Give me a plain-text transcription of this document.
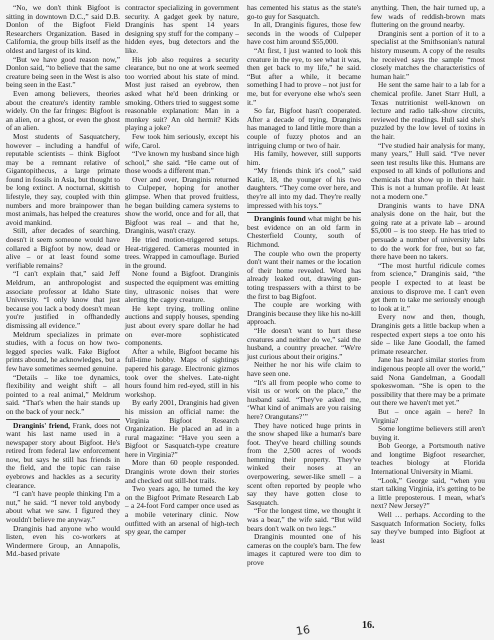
“No, we don't think Bigfoot is sitting in downtown D.C.,” said D.B. Donlon of the Bigfoot Field Researchers Organization. Based in California, the group bills itself as the oldest and largest of its kind.

“But we have good reason now,” Donlon said, “to believe that the same creature being seen in the West is also being seen in the East.”

Even among believers, theories about the creature's identity ramble widely. On the far fringes: Bigfoot is an alien, or a ghost, or even the ghost of an alien.

Most students of Sasquatchery, however – including a handful of reputable scientists – think Bigfoot may be a remnant relative of Gigantopithecus, a large primate found in fossils in Asia, but thought to be long extinct. A nocturnal, skittish lifestyle, they say, coupled with thin numbers and more brainpower than most animals, has helped the creatures avoid mankind.

Still, after decades of searching, doesn't it seem someone would have collared a Bigfoot by now, dead or alive – or at least found some verifiable remains?

“I can't explain that,” said Jeff Meldrum, an anthropologist and associate professor at Idaho State University. “I only know that just because you lack a body doesn't mean you're justified in offhandedly dismissing all evidence.”

Meldrum specializes in primate studies, with a focus on how two-legged species walk. Fake Bigfoot prints abound, he acknowledges, but a few have sometimes seemed genuine.

“Details – like toe dynamics, flexibility and weight shift – all pointed to a real animal,” Meldrum said. “That's when the hair stands up on the back of your neck.”

Dranginis' friend, Frank, does not want his last name used in a newspaper story about Bigfoot. He's retired from federal law enforcement now, but says he still has friends in the field, and the topic can raise eyebrows and hackles as a security clearance.

“I can't have people thinking I'm a nut,” he said. “I never told anybody about what we saw. I figured they wouldn't believe me anyway.”

Dranginis had anyone who would listen, even his co-workers at Windermere Group, an Annapolis, Md.-based private

contractor specializing in government security. A gadget geek by nature, Dranginis has spent 14 years designing spy stuff for the company – hidden eyes, bug detectors and the like.

His job also requires a security clearance, but no one at work seemed too worried about his state of mind. Most just raised an eyebrow, then asked what he'd been drinking or smoking. Others tried to suggest some reasonable explanation: Man in a monkey suit? An old hermit? Kids playing a joke?

Few took him seriously, except his wife, Carol.

“I've known my husband since high school,” she said. “He came out of those woods a different man.”

Over and over, Dranginis returned to Culpeper, hoping for another glimpse. When that proved fruitless, he began building camera systems to show the world, once and for all, that Bigfoot was real – and that he, Dranginis, wasn't crazy.

He tried motion-triggered setups. Heat-triggered. Cameras mounted in trees. Wrapped in camouflage. Buried in the ground.

None found a Bigfoot. Dranginis suspected the equipment was emitting tiny, ultrasonic noises that were alerting the cagey creature.

He kept trying, trolling online auctions and supply houses, spending just about every spare dollar he had on ever-more sophisticated components.

After a while, Bigfoot became his full-time hobby. Maps of sightings papered his garage. Electronic gizmos took over the shelves. Late-night hours found him red-eyed, still in his workshop.

By early 2001, Dranginis had given his mission an official name: the Virginia Bigfoot Research Organization. He placed an ad in a rural magazine: “Have you seen a Bigfoot or Sasquatch-type creature here in Virginia?”

More than 60 people responded. Dranginis wrote down their stories and checked out still-hot trails.

Two years ago, he turned the key on the Bigfoot Primate Research Lab – a 24-foot Ford camper once used as a mobile veterinary clinic. Now outfitted with an arsenal of high-tech spy gear, the camper

has cemented his status as the state's go-to guy for Sasquatch.

In all, Dranginis figures, those few seconds in the woods of Culpeper have cost him around $55,000.

“At first, I just wanted to look this creature in the eye, to see what it was, then get back to my life,” he said. “But after a while, it became something I had to prove – not just for me, but for everyone else who's seen it.”

So far, Bigfoot hasn't cooperated. After a decade of trying, Dranginis has managed to land little more than a couple of fuzzy photos and an intriguing clump or two of hair.

His family, however, still supports him.

“My friends think it's cool,” said Katie, 18, the younger of his two daughters. “They come over here, and they're all into my dad. They're really impressed with his toys.”

Dranginis found what might be his best evidence on an old farm in Chesterfield County, south of Richmond.

The couple who own the property don't want their names or the location of their home revealed. Word has already leaked out, drawing gun-toting trespassers with a thirst to be the first to bag Bigfoot.

The couple are working with Dranginis because they like his no-kill approach.

“He doesn't want to hurt these creatures and neither do we,” said the husband, a country preacher. “We're just curious about their origins.”

Neither he nor his wife claim to have seen one.

“It's all from people who come to visit us or work on the place,” the husband said. “They've asked me, ‘What kind of animals are you raising here? Orangutans?’”

They have noticed huge prints in the snow shaped like a human's bare foot. They've heard chilling sounds from the 2,500 acres of woods hemming their property. They've winked their noses at an overpowering, sewer-like smell – a scent often reported by people who say they have gotten close to Sasquatch.

“For the longest time, we thought it was a bear,” the wife said. “But wild bears don't walk on two legs.”

Dranginis mounted one of his cameras on the couple's barn. The few images it captured were too dim to prove

anything. Then, the hair turned up, a few wads of reddish-brown mats fluttering on the ground nearby.

Dranginis sent a portion of it to a specialist at the Smithsonian's natural history museum. A copy of the results he received says the sample “most closely matches the characteristics of human hair.”

He sent the same hair to a lab for a chemical profile. Janet Starr Hull, a Texas nutritionist well-known on lecture and radio talk-show circuits, reviewed the readings. Hull said she's puzzled by the low level of toxins in the hair.

“I've studied hair analysis for many, many years,” Hull said. “I've never seen test results like this. Humans are exposed to all kinds of pollutions and chemicals that show up in their hair. This is not a human profile. At least not a modern one.”

Dranginis wants to have DNA analysis done on the hair, but the going rate at a private lab – around $5,000 – is too steep. He has tried to persuade a number of university labs to do the work for free, but so far, there have been no takers.

“The most hurtful ridicule comes from science,” Dranginis said, “the people I expected to at least be anxious to disprove me. I can't even get them to take me seriously enough to look at it.”

Every now and then, though, Dranginis gets a little backup when a respected expert steps a toe onto his side – like Jane Goodall, the famed primate researcher.

Jane has heard similar stories from indigenous people all over the world,” said Nona Gandelman, a Goodall spokeswoman. “She is open to the possibility that there may be a primate out there we haven't met yet.”

But – once again – here? In Virginia?

Some longtime believers still aren't buying it.

Bob George, a Portsmouth native and longtime Bigfoot researcher, teaches biology at Florida International University in Miami.

“Look,” George said, “when you start talking Virginia, it's getting to be a little preposterous. I mean, what's next? New Jersey?”

Well … perhaps. According to the Sasquatch Information Society, folks say they've bumped into Bigfoot at least

16	16.
